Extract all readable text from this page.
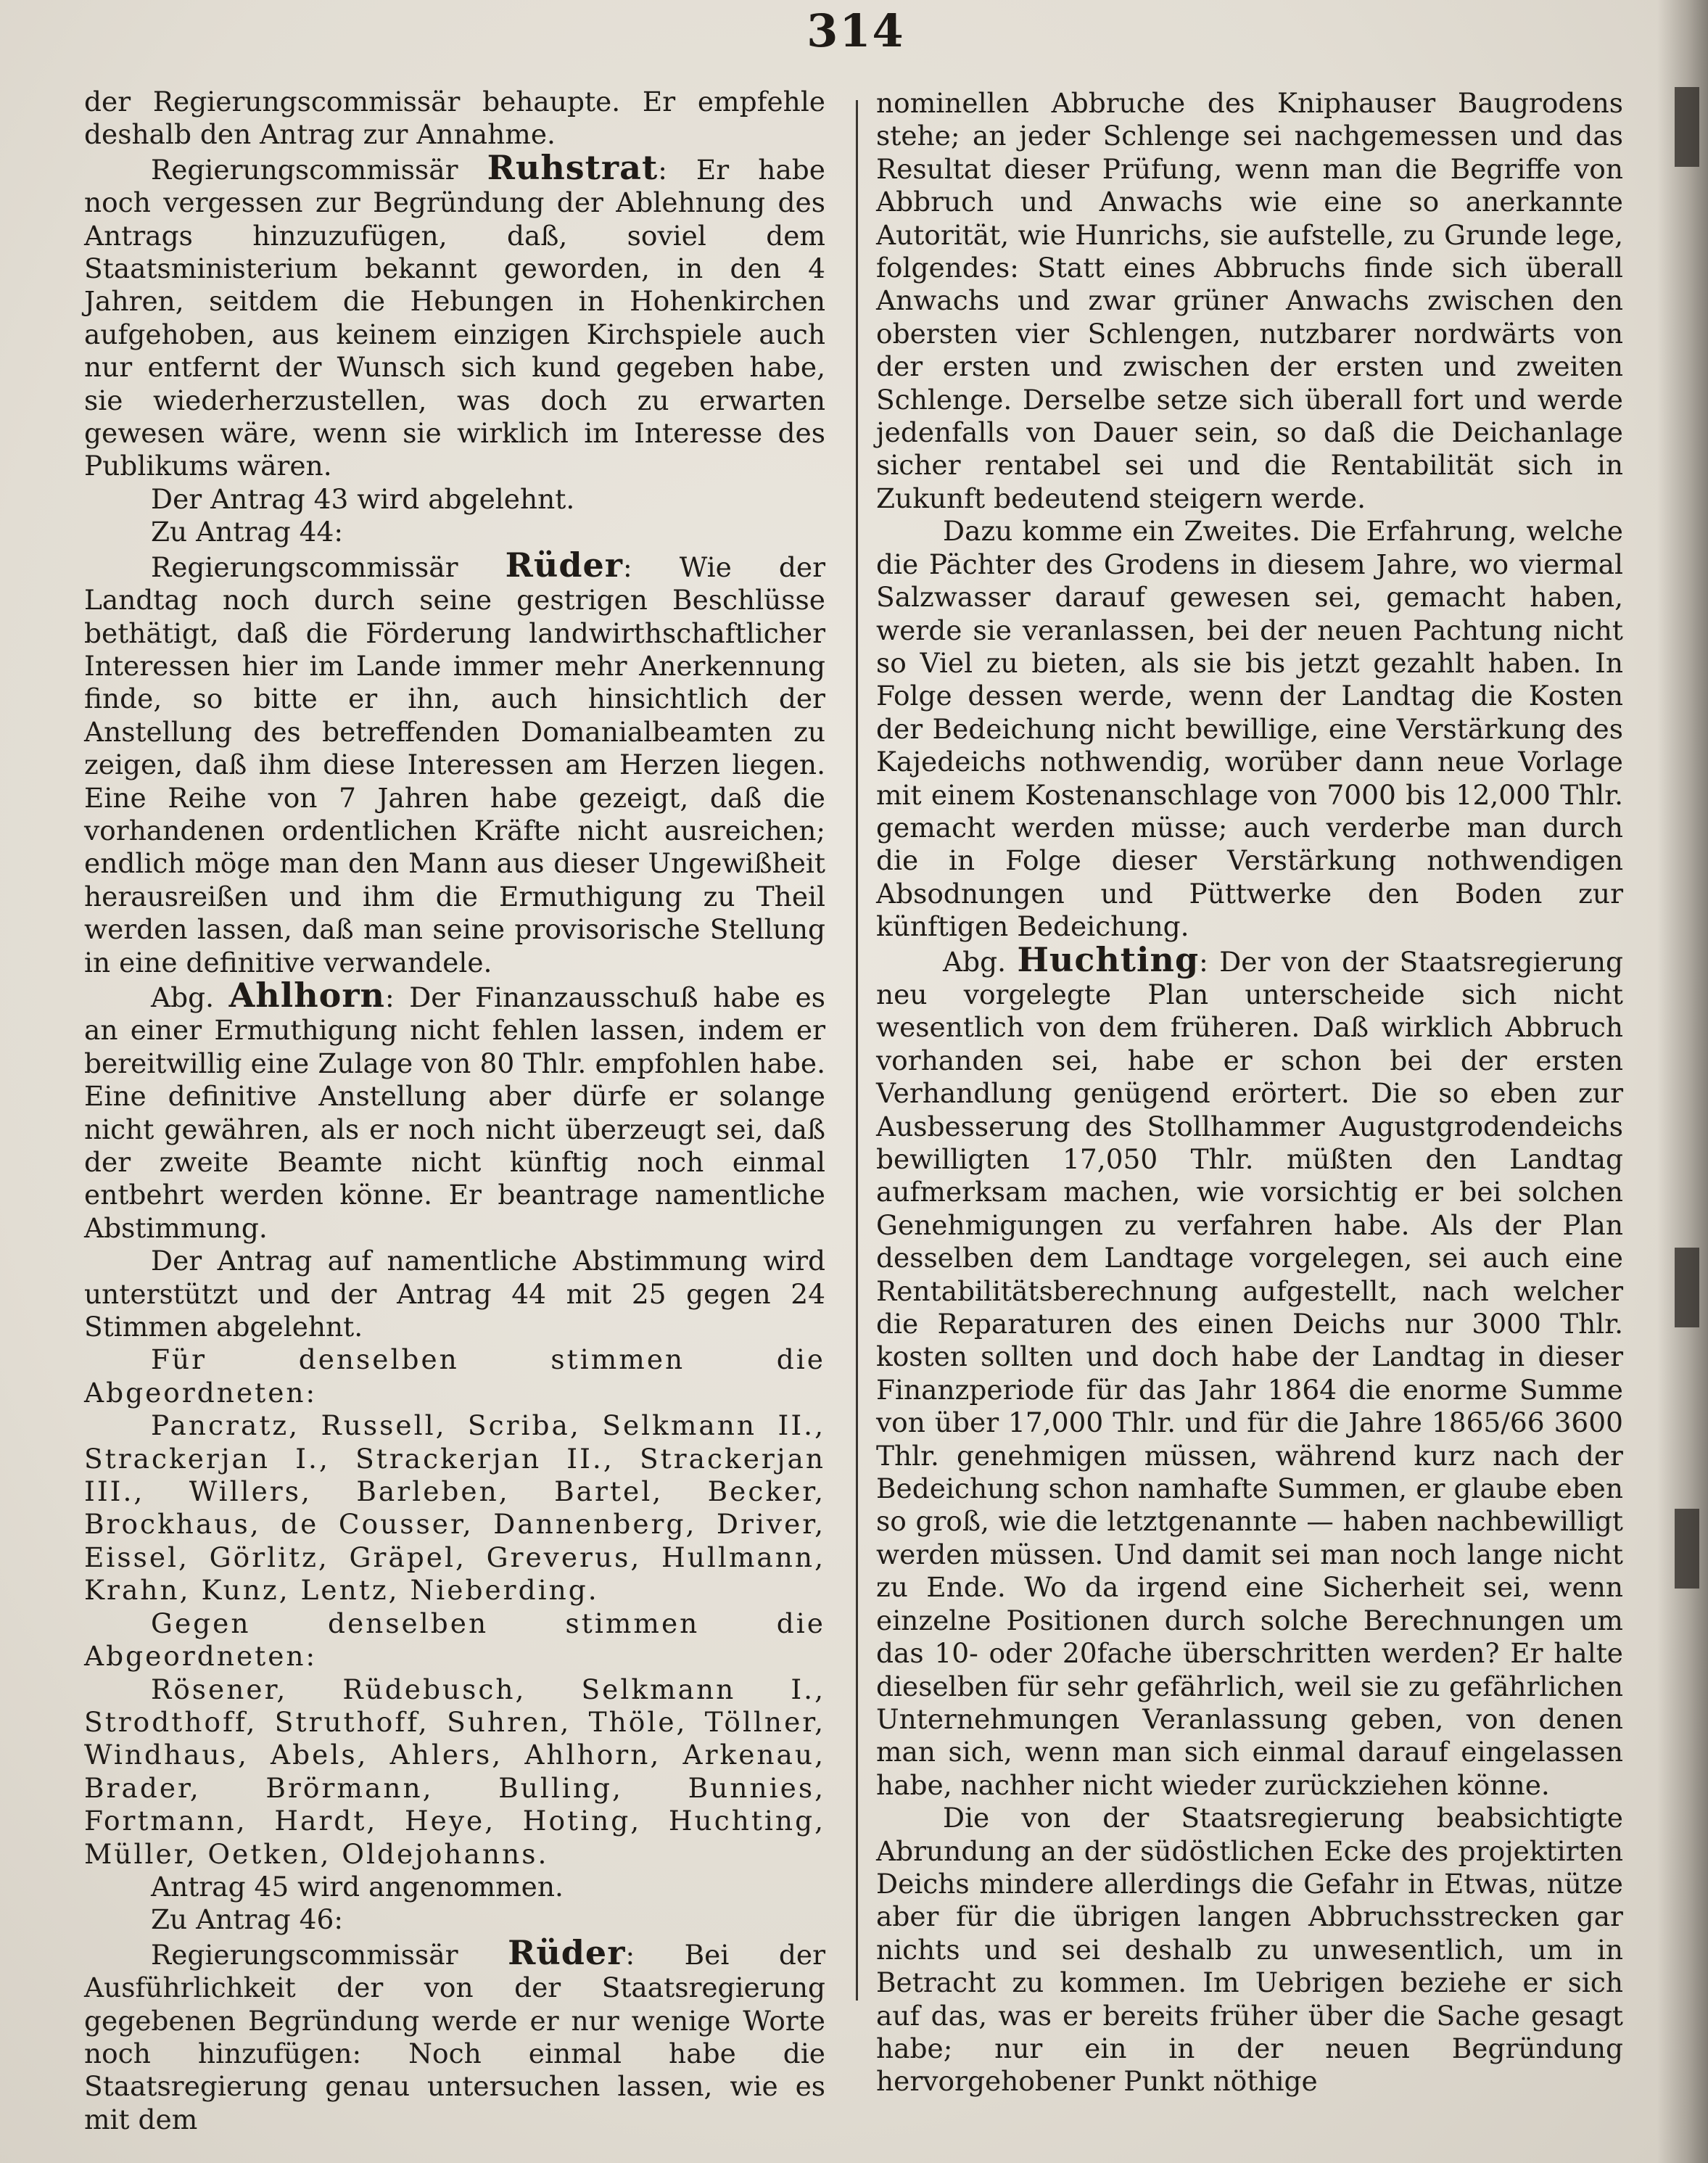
314

der Regierungscommissär behaupte. Er empfehle deshalb den Antrag zur Annahme.

Regierungscommissär Ruhstrat: Er habe noch vergessen zur Begründung der Ablehnung des Antrags hinzuzufügen, daß, soviel dem Staatsministerium bekannt geworden, in den 4 Jahren, seitdem die Hebungen in Hohenkirchen aufgehoben, aus keinem einzigen Kirchspiele auch nur entfernt der Wunsch sich kund gegeben habe, sie wiederherzustellen, was doch zu erwarten gewesen wäre, wenn sie wirklich im Interesse des Publikums wären.

Der Antrag 43 wird abgelehnt.

Zu Antrag 44:

Regierungscommissär Rüder: Wie der Landtag noch durch seine gestrigen Beschlüsse bethätigt, daß die Förderung landwirthschaftlicher Interessen hier im Lande immer mehr Anerkennung finde, so bitte er ihn, auch hinsichtlich der Anstellung des betreffenden Domanialbeamten zu zeigen, daß ihm diese Interessen am Herzen liegen. Eine Reihe von 7 Jahren habe gezeigt, daß die vorhandenen ordentlichen Kräfte nicht ausreichen; endlich möge man den Mann aus dieser Ungewißheit herausreißen und ihm die Ermuthigung zu Theil werden lassen, daß man seine provisorische Stellung in eine definitive verwandele.

Abg. Ahlhorn: Der Finanzausschuß habe es an einer Ermuthigung nicht fehlen lassen, indem er bereitwillig eine Zulage von 80 Thlr. empfohlen habe. Eine definitive Anstellung aber dürfe er solange nicht gewähren, als er noch nicht überzeugt sei, daß der zweite Beamte nicht künftig noch einmal entbehrt werden könne. Er beantrage namentliche Abstimmung.

Der Antrag auf namentliche Abstimmung wird unterstützt und der Antrag 44 mit 25 gegen 24 Stimmen abgelehnt.

Für denselben stimmen die Abgeordneten:

Pancratz, Russell, Scriba, Selkmann II., Strackerjan I., Strackerjan II., Strackerjan III., Willers, Barleben, Bartel, Becker, Brockhaus, de Cousser, Dannenberg, Driver, Eissel, Görlitz, Gräpel, Greverus, Hullmann, Krahn, Kunz, Lentz, Nieberding.

Gegen denselben stimmen die Abgeordneten:

Rösener, Rüdebusch, Selkmann I., Strodthoff, Struthoff, Suhren, Thöle, Töllner, Windhaus, Abels, Ahlers, Ahlhorn, Arkenau, Brader, Brörmann, Bulling, Bunnies, Fortmann, Hardt, Heye, Hoting, Huchting, Müller, Oetken, Oldejohanns.

Antrag 45 wird angenommen.

Zu Antrag 46:

Regierungscommissär Rüder: Bei der Ausführlichkeit der von der Staatsregierung gegebenen Begründung werde er nur wenige Worte noch hinzufügen: Noch einmal habe die Staatsregierung genau untersuchen lassen, wie es mit dem

nominellen Abbruche des Kniphauser Baugrodens stehe; an jeder Schlenge sei nachgemessen und das Resultat dieser Prüfung, wenn man die Begriffe von Abbruch und Anwachs wie eine so anerkannte Autorität, wie Hunrichs, sie aufstelle, zu Grunde lege, folgendes: Statt eines Abbruchs finde sich überall Anwachs und zwar grüner Anwachs zwischen den obersten vier Schlengen, nutzbarer nordwärts von der ersten und zwischen der ersten und zweiten Schlenge. Derselbe setze sich überall fort und werde jedenfalls von Dauer sein, so daß die Deichanlage sicher rentabel sei und die Rentabilität sich in Zukunft bedeutend steigern werde.

Dazu komme ein Zweites. Die Erfahrung, welche die Pächter des Grodens in diesem Jahre, wo viermal Salzwasser darauf gewesen sei, gemacht haben, werde sie veranlassen, bei der neuen Pachtung nicht so Viel zu bieten, als sie bis jetzt gezahlt haben. In Folge dessen werde, wenn der Landtag die Kosten der Bedeichung nicht bewillige, eine Verstärkung des Kajedeichs nothwendig, worüber dann neue Vorlage mit einem Kostenanschlage von 7000 bis 12,000 Thlr. gemacht werden müsse; auch verderbe man durch die in Folge dieser Verstärkung nothwendigen Absodnungen und Püttwerke den Boden zur künftigen Bedeichung.

Abg. Huchting: Der von der Staatsregierung neu vorgelegte Plan unterscheide sich nicht wesentlich von dem früheren. Daß wirklich Abbruch vorhanden sei, habe er schon bei der ersten Verhandlung genügend erörtert. Die so eben zur Ausbesserung des Stollhammer Augustgrodendeichs bewilligten 17,050 Thlr. müßten den Landtag aufmerksam machen, wie vorsichtig er bei solchen Genehmigungen zu verfahren habe. Als der Plan desselben dem Landtage vorgelegen, sei auch eine Rentabilitätsberechnung aufgestellt, nach welcher die Reparaturen des einen Deichs nur 3000 Thlr. kosten sollten und doch habe der Landtag in dieser Finanzperiode für das Jahr 1864 die enorme Summe von über 17,000 Thlr. und für die Jahre 1865/66 3600 Thlr. genehmigen müssen, während kurz nach der Bedeichung schon namhafte Summen, er glaube eben so groß, wie die letztgenannte — haben nachbewilligt werden müssen. Und damit sei man noch lange nicht zu Ende. Wo da irgend eine Sicherheit sei, wenn einzelne Positionen durch solche Berechnungen um das 10- oder 20fache überschritten werden? Er halte dieselben für sehr gefährlich, weil sie zu gefährlichen Unternehmungen Veranlassung geben, von denen man sich, wenn man sich einmal darauf eingelassen habe, nachher nicht wieder zurückziehen könne.

Die von der Staatsregierung beabsichtigte Abrundung an der südöstlichen Ecke des projektirten Deichs mindere allerdings die Gefahr in Etwas, nütze aber für die übrigen langen Abbruchsstrecken gar nichts und sei deshalb zu unwesentlich, um in Betracht zu kommen. Im Uebrigen beziehe er sich auf das, was er bereits früher über die Sache gesagt habe; nur ein in der neuen Begründung hervorgehobener Punkt nöthige
